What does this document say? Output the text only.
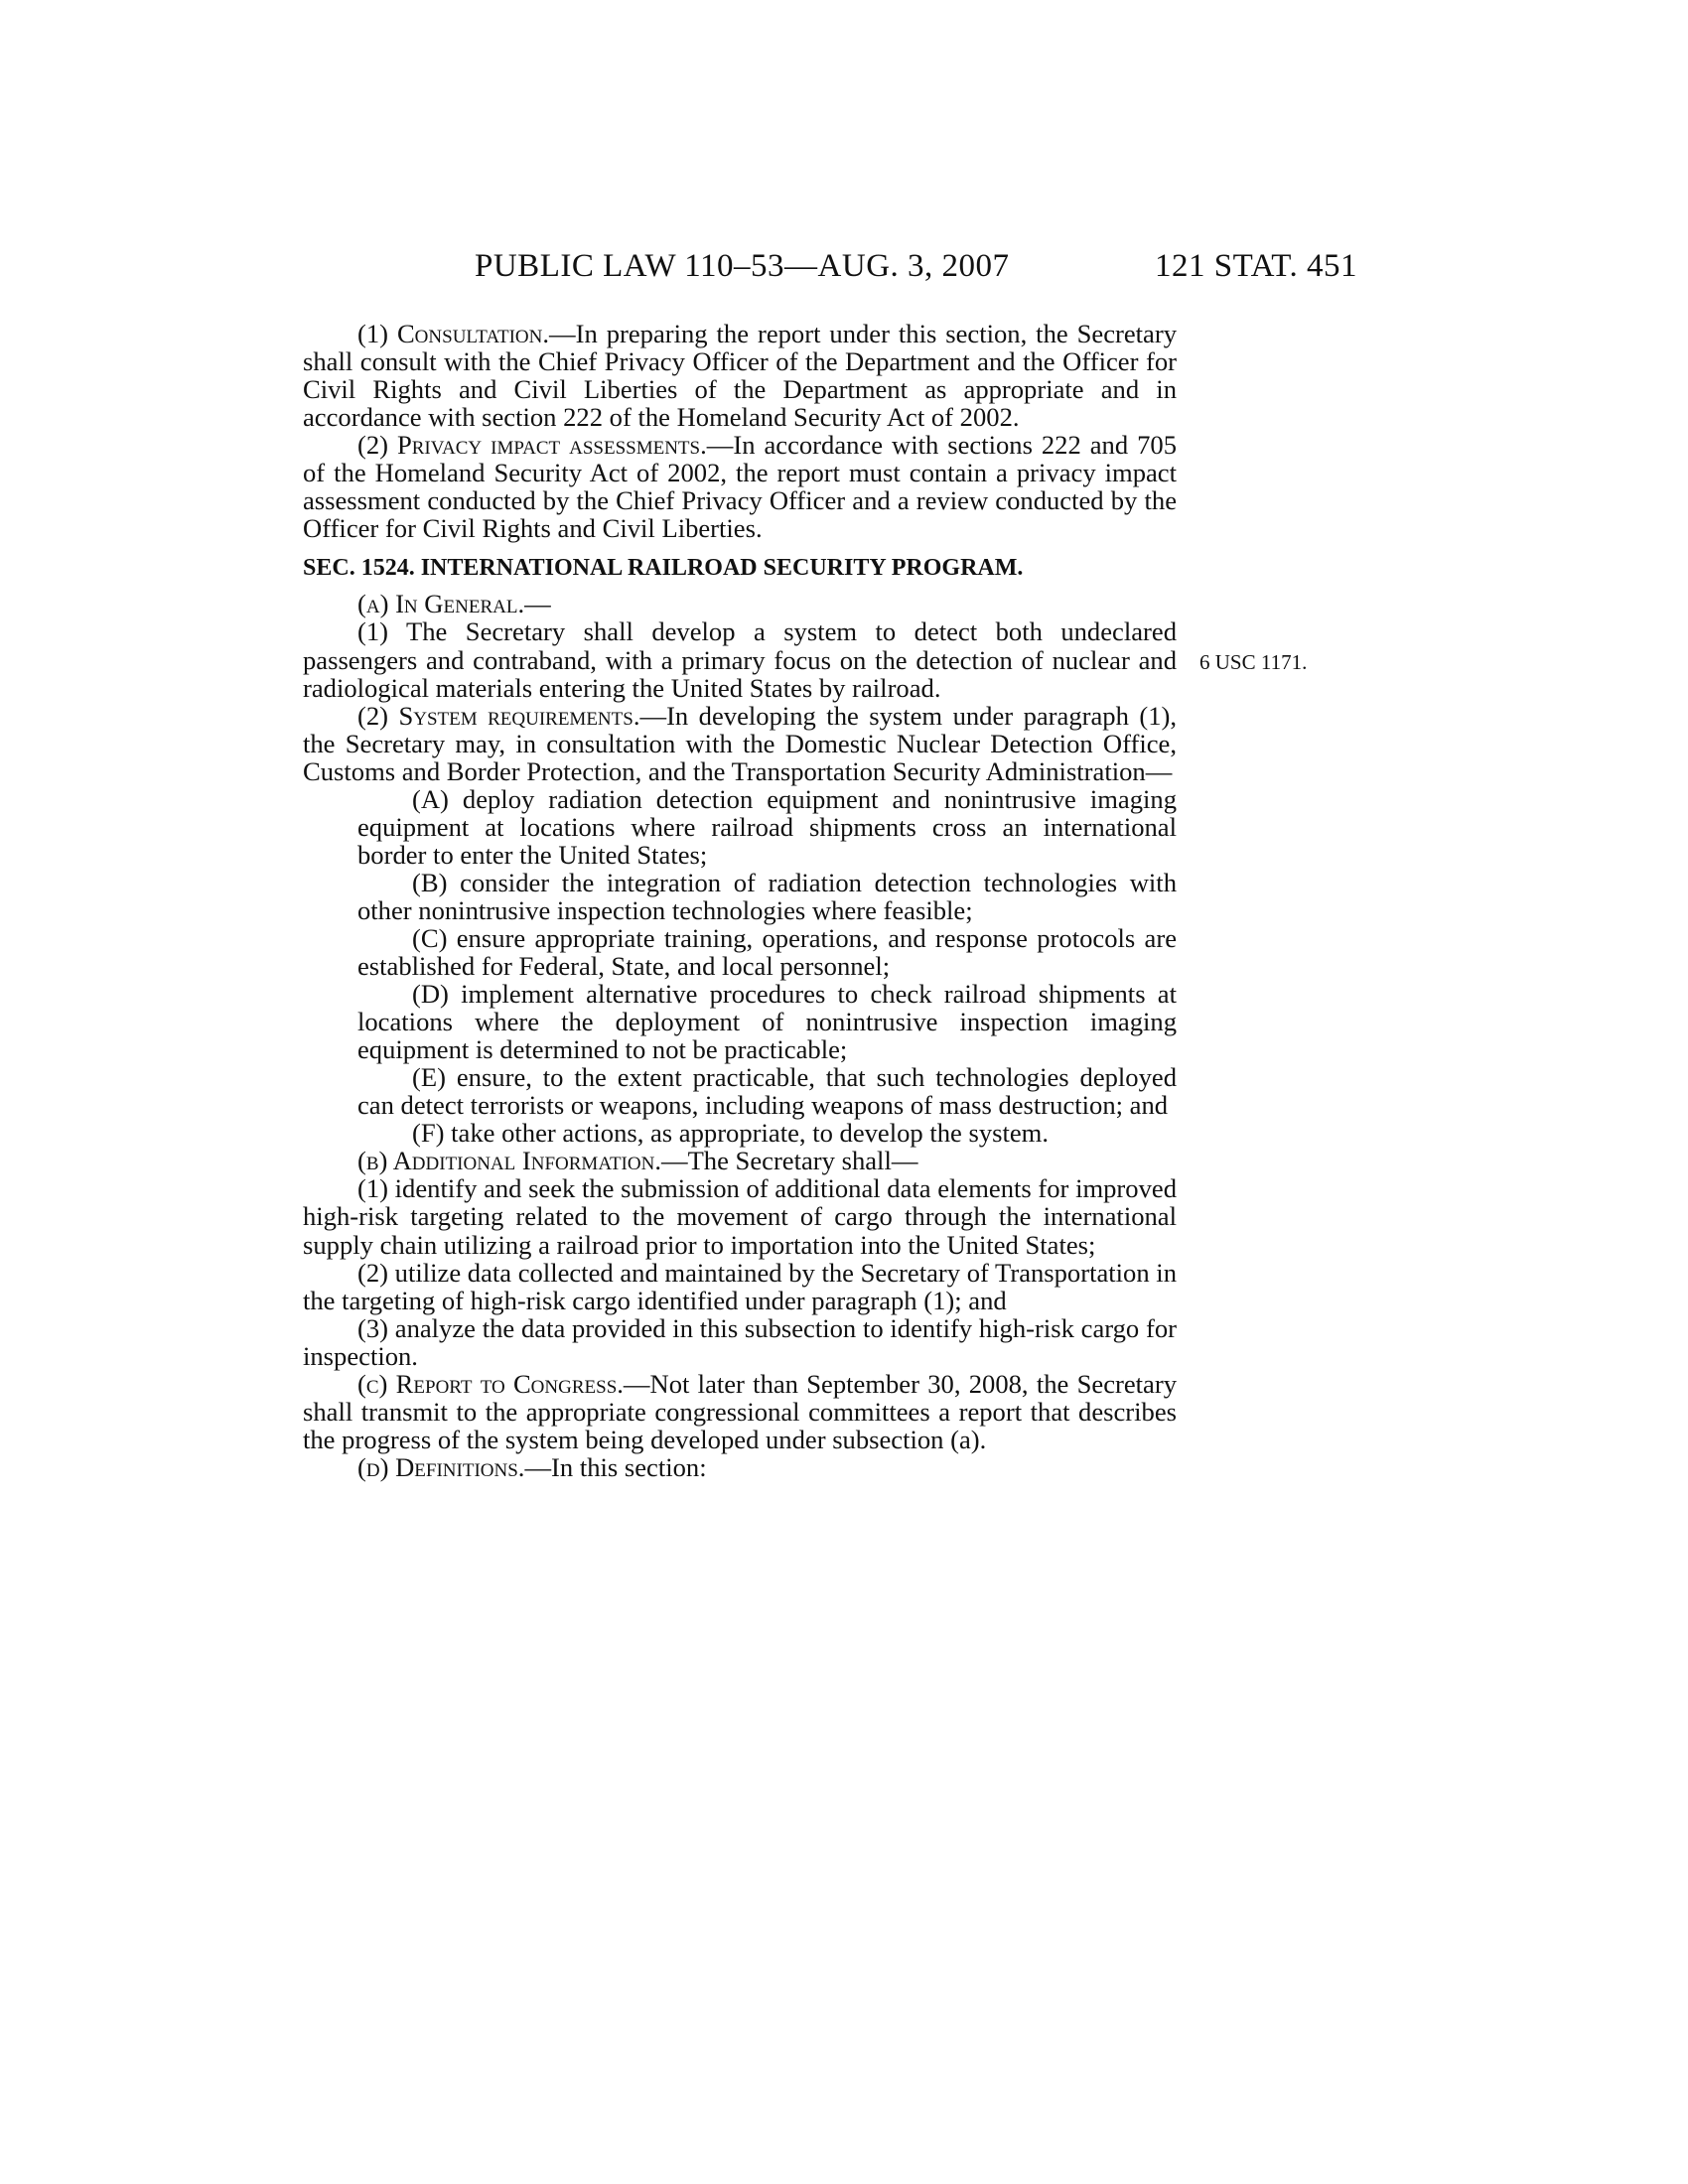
PUBLIC LAW 110–53—AUG. 3, 2007	121 STAT. 451

(1) Consultation.—In preparing the report under this section, the Secretary shall consult with the Chief Privacy Officer of the Department and the Officer for Civil Rights and Civil Liberties of the Department as appropriate and in accordance with section 222 of the Homeland Security Act of 2002.

(2) Privacy impact assessments.—In accordance with sections 222 and 705 of the Homeland Security Act of 2002, the report must contain a privacy impact assessment conducted by the Chief Privacy Officer and a review conducted by the Officer for Civil Rights and Civil Liberties.

SEC. 1524. INTERNATIONAL RAILROAD SECURITY PROGRAM.

(a) In General.—

(1) The Secretary shall develop a system to detect both undeclared passengers and contraband, with a primary focus on the detection of nuclear and radiological materials entering the United States by railroad.

(2) System requirements.—In developing the system under paragraph (1), the Secretary may, in consultation with the Domestic Nuclear Detection Office, Customs and Border Protection, and the Transportation Security Administration—

(A) deploy radiation detection equipment and nonintrusive imaging equipment at locations where railroad shipments cross an international border to enter the United States;

(B) consider the integration of radiation detection technologies with other nonintrusive inspection technologies where feasible;

(C) ensure appropriate training, operations, and response protocols are established for Federal, State, and local personnel;

(D) implement alternative procedures to check railroad shipments at locations where the deployment of nonintrusive inspection imaging equipment is determined to not be practicable;

(E) ensure, to the extent practicable, that such technologies deployed can detect terrorists or weapons, including weapons of mass destruction; and

(F) take other actions, as appropriate, to develop the system.

(b) Additional Information.—The Secretary shall—

(1) identify and seek the submission of additional data elements for improved high-risk targeting related to the movement of cargo through the international supply chain utilizing a railroad prior to importation into the United States;

(2) utilize data collected and maintained by the Secretary of Transportation in the targeting of high-risk cargo identified under paragraph (1); and

(3) analyze the data provided in this subsection to identify high-risk cargo for inspection.

(c) Report to Congress.—Not later than September 30, 2008, the Secretary shall transmit to the appropriate congressional committees a report that describes the progress of the system being developed under subsection (a).

(d) Definitions.—In this section:

6 USC 1171.
